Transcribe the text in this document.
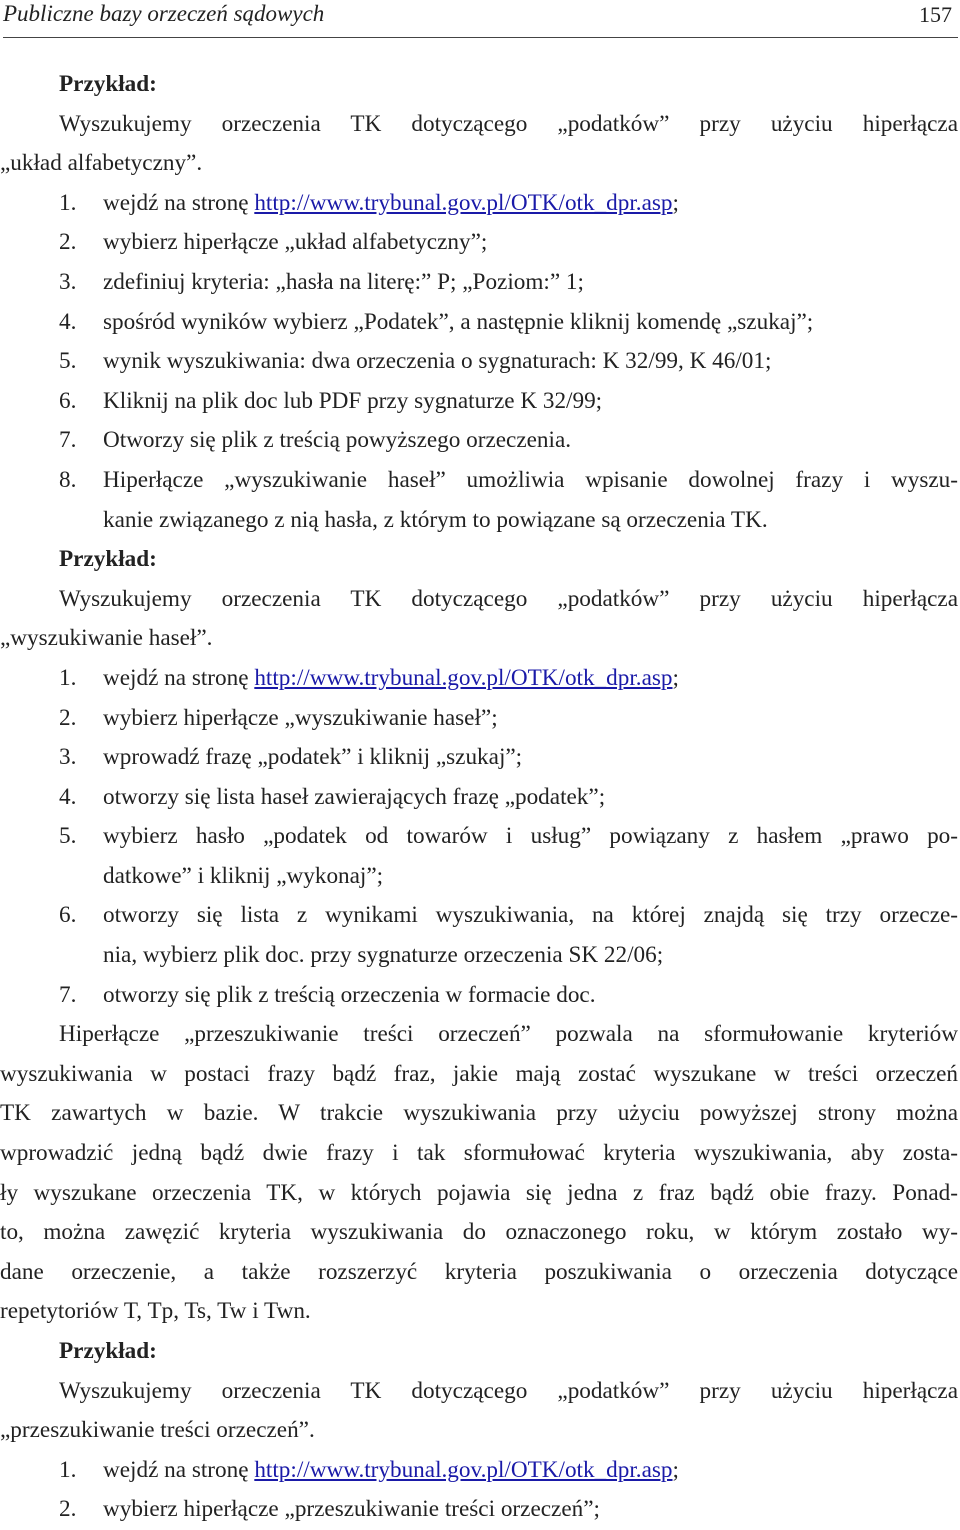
Publiczne bazy orzeczeń sądowych	157

Przykład:

Wyszukujemy orzeczenia TK dotyczącego „podatków” przy użyciu hiperłącza

„układ alfabetyczny”.

1. wejdź na stronę http://www.trybunal.gov.pl/OTK/otk_dpr.asp;
2. wybierz hiperłącze „układ alfabetyczny”;
3. zdefiniuj kryteria: „hasła na literę:” P; „Poziom:” 1;
4. spośród wyników wybierz „Podatek”, a następnie kliknij komendę „szukaj”;
5. wynik wyszukiwania: dwa orzeczenia o sygnaturach: K 32/99, K 46/01;
6. Kliknij na plik doc lub PDF przy sygnaturze K 32/99;
7. Otworzy się plik z treścią powyższego orzeczenia.
8. Hiperłącze „wyszukiwanie haseł” umożliwia wpisanie dowolnej frazy i wyszu-
kanie związanego z nią hasła, z którym to powiązane są orzeczenia TK.

Przykład:

Wyszukujemy orzeczenia TK dotyczącego „podatków” przy użyciu hiperłącza

„wyszukiwanie haseł”.

1. wejdź na stronę http://www.trybunal.gov.pl/OTK/otk_dpr.asp;
2. wybierz hiperłącze „wyszukiwanie haseł”;
3. wprowadź frazę „podatek” i kliknij „szukaj”;
4. otworzy się lista haseł zawierających frazę „podatek”;
5. wybierz hasło „podatek od towarów i usług” powiązany z hasłem „prawo po-
datkowe” i kliknij „wykonaj”;
6. otworzy się lista z wynikami wyszukiwania, na której znajdą się trzy orzecze-
nia, wybierz plik doc. przy sygnaturze orzeczenia SK 22/06;
7. otworzy się plik z treścią orzeczenia w formacie doc.
Hiperłącze „przeszukiwanie treści orzeczeń” pozwala na sformułowanie kryteriów
wyszukiwania w postaci frazy bądź fraz, jakie mają zostać wyszukane w treści orzeczeń
TK zawartych w bazie. W trakcie wyszukiwania przy użyciu powyższej strony można
wprowadzić jedną bądź dwie frazy i tak sformułować kryteria wyszukiwania, aby zosta-
ły wyszukane orzeczenia TK, w których pojawia się jedna z fraz bądź obie frazy. Ponad-
to, można zawęzić kryteria wyszukiwania do oznaczonego roku, w którym zostało wy-
dane orzeczenie, a także rozszerzyć kryteria poszukiwania o orzeczenia dotyczące
repetytoriów T, Tp, Ts, Tw i Twn.

Przykład:

Wyszukujemy orzeczenia TK dotyczącego „podatków” przy użyciu hiperłącza

„przeszukiwanie treści orzeczeń”.

1. wejdź na stronę http://www.trybunal.gov.pl/OTK/otk_dpr.asp;
2. wybierz hiperłącze „przeszukiwanie treści orzeczeń”;
